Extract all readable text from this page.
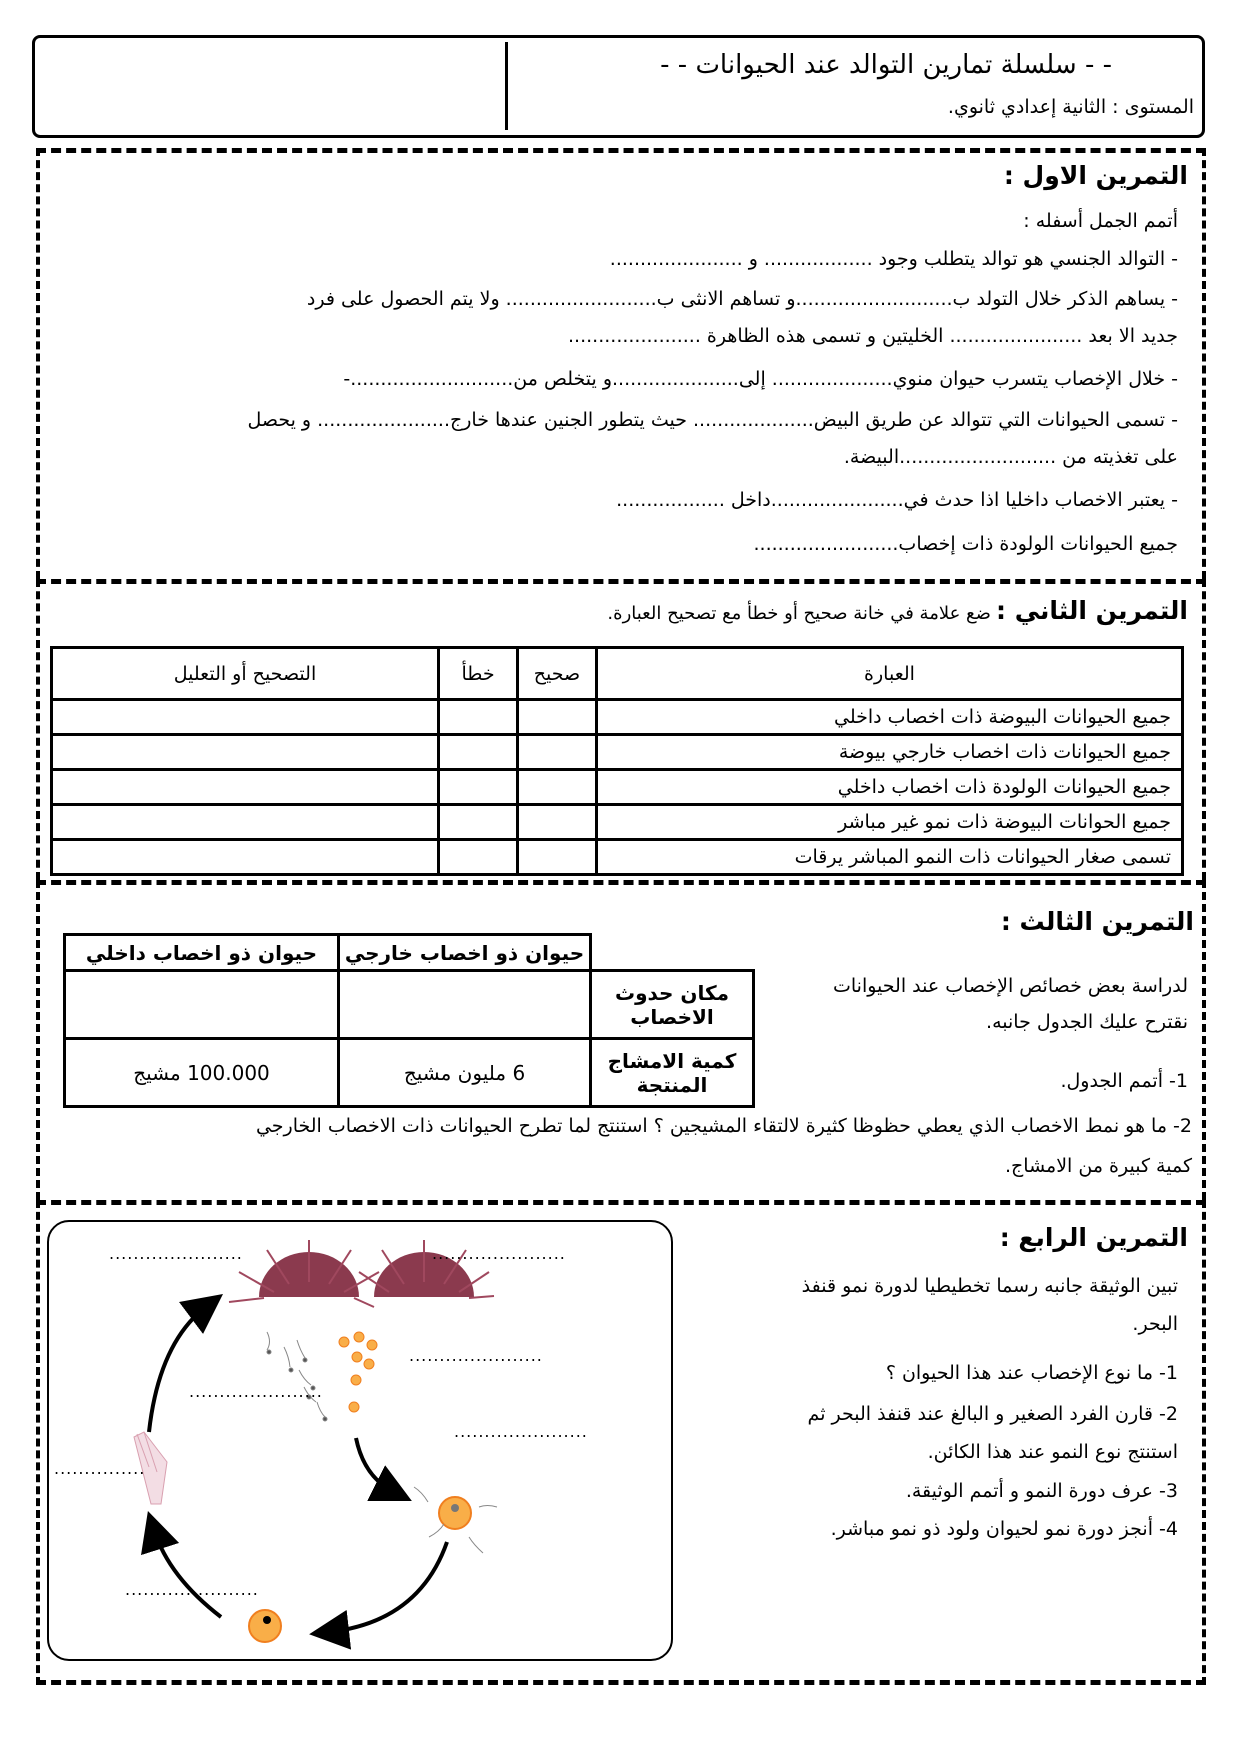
- - سلسلة تمارين التوالد عند الحيوانات - -
المستوى : الثانية إعدادي ثانوي.
التمرين الاول :
أتمم الجمل أسفله :
- التوالد الجنسي هو توالد يتطلب وجود .................. و ......................
- يساهم الذكر خلال التولد ب..........................و تساهم الانثى ب......................... ولا يتم الحصول على فرد
جديد الا بعد ...................... الخليتين و تسمى هذه الظاهرة ......................
- خلال الإخصاب يتسرب حيوان منوي.................... إلى.....................و يتخلص من...........................-
- تسمى الحيوانات التي تتوالد عن طريق البيض.................... حيث يتطور الجنين عندها خارج...................... و يحصل
على تغذيته من ..........................البيضة.
- يعتبر الاخصاب داخليا اذا حدث في......................داخل ..................
جميع الحيوانات الولودة ذات إخصاب........................
التمرين الثاني : ضع علامة في خانة صحيح أو خطأ مع تصحيح العبارة.
العبارة	صحيح	خطأ	التصحيح أو التعليل
جميع الحيوانات البيوضة ذات اخصاب داخلي			
جميع الحيوانات ذات اخصاب خارجي بيوضة			
جميع الحيوانات الولودة ذات اخصاب داخلي			
جميع الحوانات البيوضة ذات نمو غير مباشر			
تسمى صغار الحيوانات ذات النمو المباشر يرقات			
التمرين الثالث :
لدراسة بعض خصائص الإخصاب عند الحيوانات
نقترح عليك الجدول جانبه.
1- أتمم الجدول.
2- ما هو نمط الاخصاب الذي يعطي حظوظا كثيرة لالتقاء المشيجين ؟ استنتج لما تطرح الحيوانات ذات الاخصاب الخارجي
كمية كبيرة من الامشاج.
	حيوان ذو اخصاب خارجي	حيوان ذو اخصاب داخلي
مكان حدوث الاخصاب		
كمية الامشاج المنتجة	6 مليون مشيج	100.000 مشيج
التمرين الرابع :
تبين الوثيقة جانبه رسما تخطيطيا لدورة نمو قنفذ
البحر.
1- ما نوع الإخصاب عند هذا الحيوان ؟
2- قارن الفرد الصغير و البالغ عند قنفذ البحر ثم
استنتج نوع النمو عند هذا الكائن.
3- عرف دورة النمو و أتمم الوثيقة.
4- أنجز دورة نمو لحيوان ولود ذو نمو مباشر.
......................	......................
......................
......................
......................
...............
......................
